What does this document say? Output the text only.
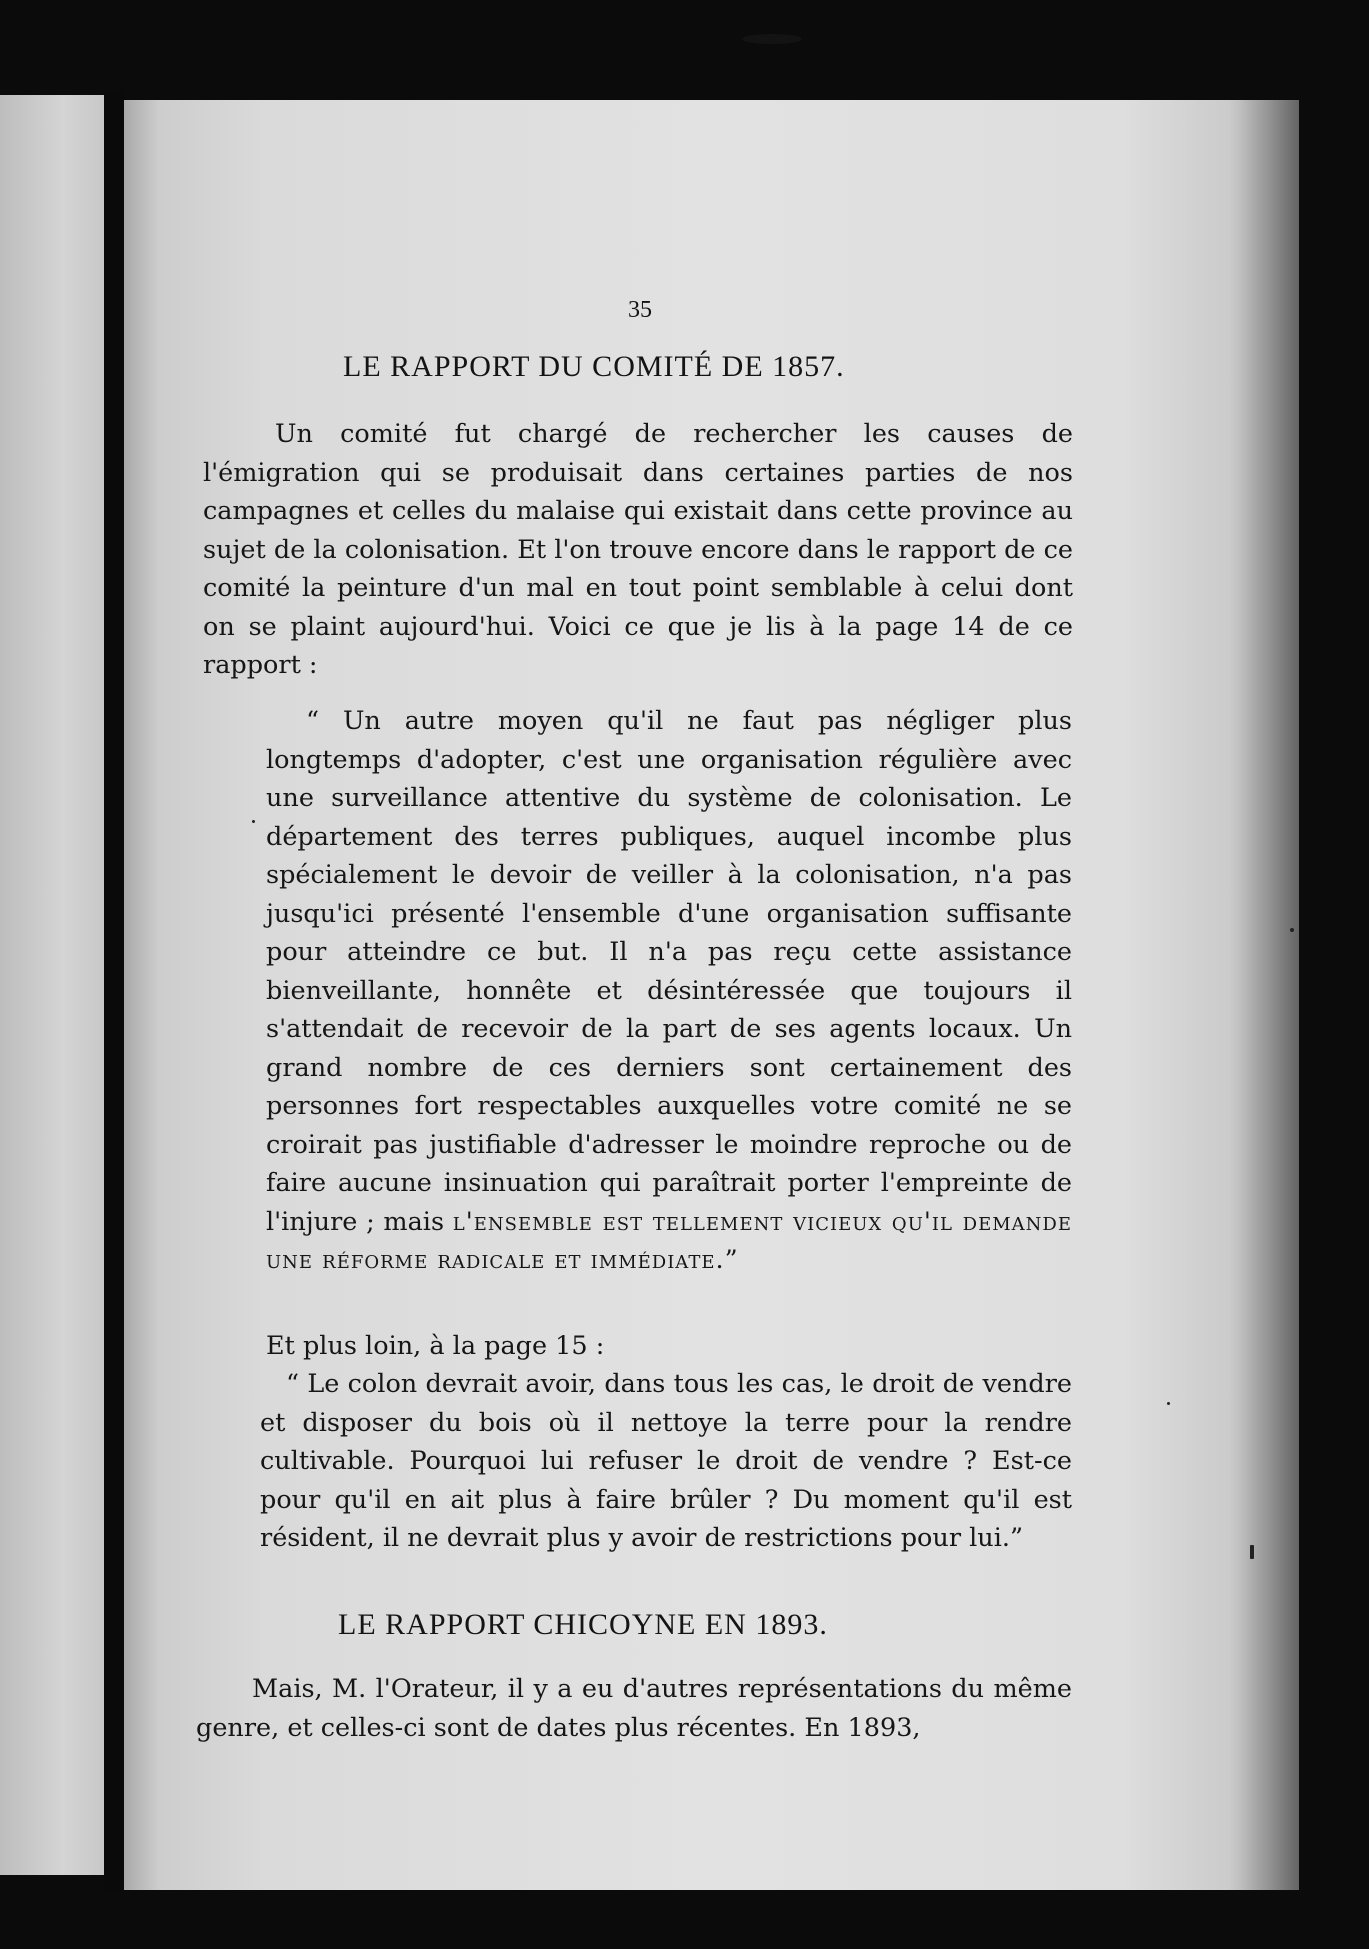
35
LE RAPPORT DU COMITÉ DE 1857.
Un comité fut chargé de rechercher les causes de l'émigration qui se produisait dans certaines parties de nos campagnes et celles du malaise qui existait dans cette province au sujet de la colonisation. Et l'on trouve encore dans le rapport de ce comité la peinture d'un mal en tout point semblable à celui dont on se plaint aujourd'hui. Voici ce que je lis à la page 14 de ce rapport :
“ Un autre moyen qu'il ne faut pas négliger plus longtemps d'adopter, c'est une organisation régulière avec une surveillance attentive du système de colonisation. Le département des terres publiques, auquel incombe plus spécialement le devoir de veiller à la colonisation, n'a pas jusqu'ici présenté l'ensemble d'une organisation suffisante pour atteindre ce but. Il n'a pas reçu cette assistance bienveillante, honnête et désintéressée que toujours il s'attendait de recevoir de la part de ses agents locaux. Un grand nombre de ces derniers sont certainement des personnes fort respectables auxquelles votre comité ne se croirait pas justifiable d'adresser le moindre reproche ou de faire aucune insinuation qui paraîtrait porter l'empreinte de l'injure ; mais l'ensemble est tellement vicieux qu'il demande une réforme radicale et immédiate.”
Et plus loin, à la page 15 :
“ Le colon devrait avoir, dans tous les cas, le droit de vendre et disposer du bois où il nettoye la terre pour la rendre cultivable. Pourquoi lui refuser le droit de vendre ? Est-ce pour qu'il en ait plus à faire brûler ? Du moment qu'il est résident, il ne devrait plus y avoir de restrictions pour lui.”
LE RAPPORT CHICOYNE EN 1893.
Mais, M. l'Orateur, il y a eu d'autres représentations du même genre, et celles-ci sont de dates plus récentes. En 1893,
